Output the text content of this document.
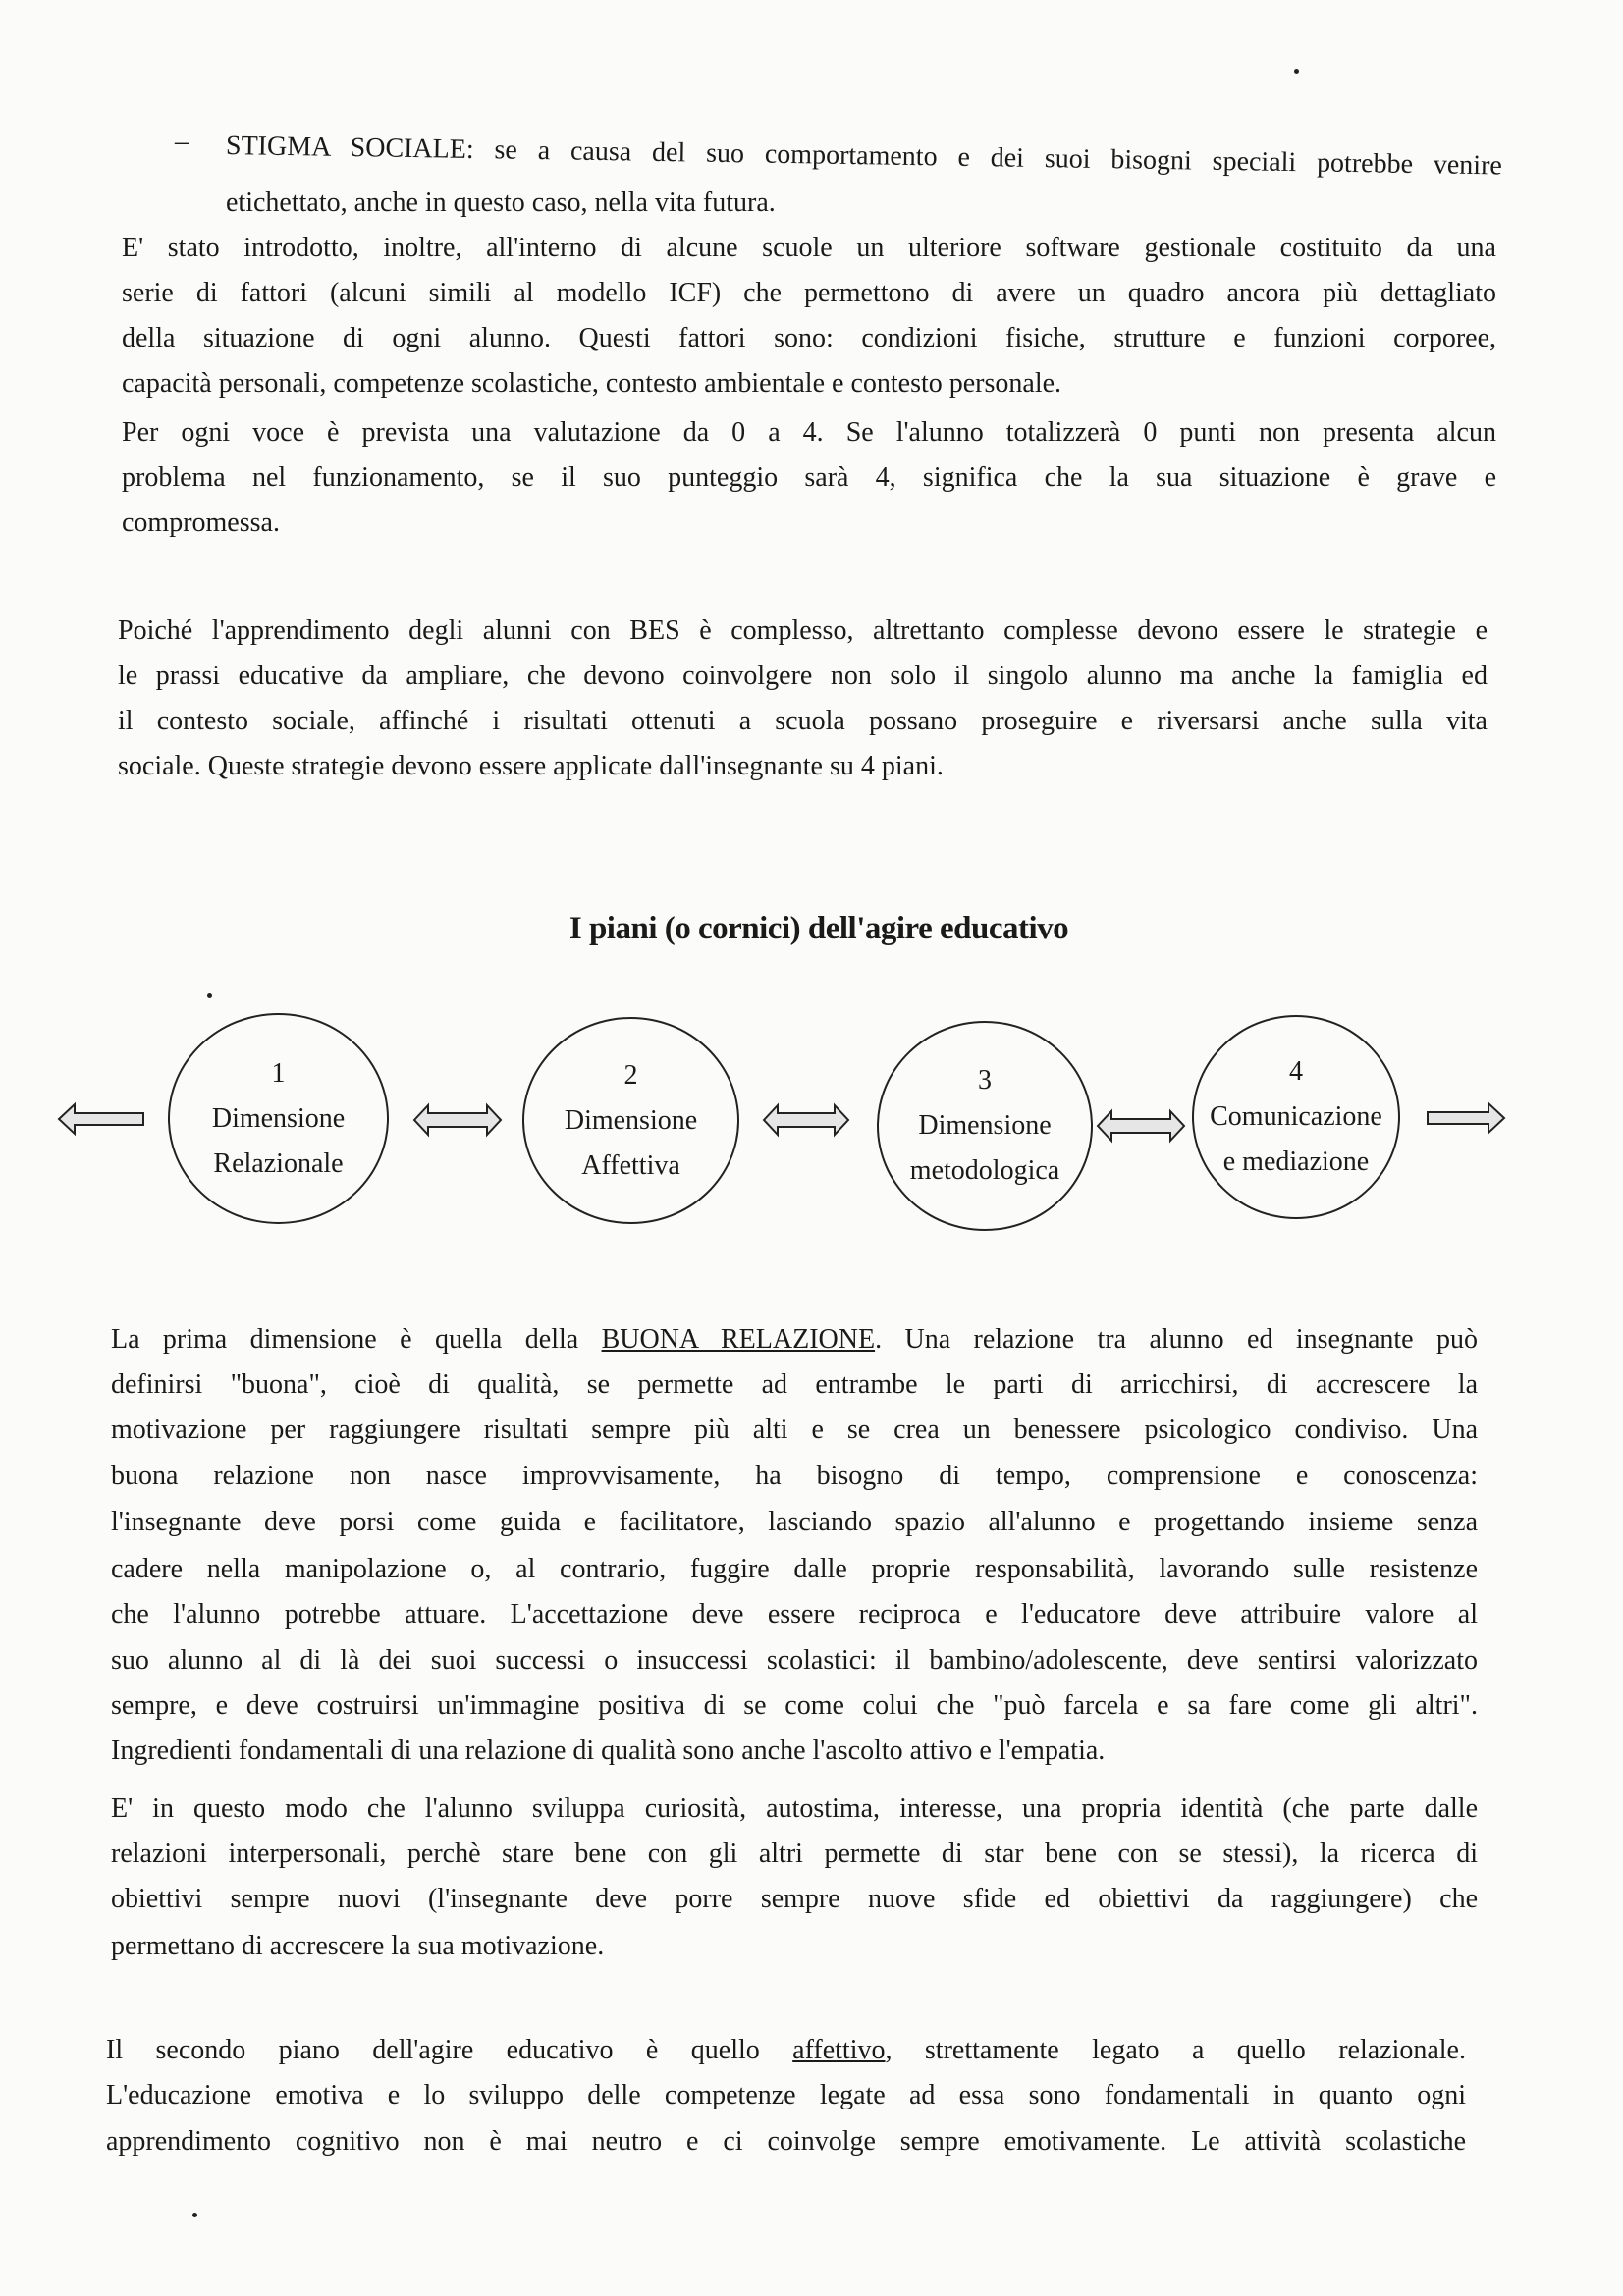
– STIGMA SOCIALE: se a causa del suo comportamento e dei suoi bisogni speciali potrebbe venire
etichettato, anche in questo caso, nella vita futura.
E' stato introdotto, inoltre, all'interno di alcune scuole un ulteriore software gestionale costituito da una
serie di fattori (alcuni simili al modello ICF) che permettono di avere un quadro ancora più dettagliato
della situazione di ogni alunno. Questi fattori sono: condizioni fisiche, strutture e funzioni corporee,
capacità personali, competenze scolastiche, contesto ambientale e contesto personale.
Per ogni voce è prevista una valutazione da 0 a 4. Se l'alunno totalizzerà 0 punti non presenta alcun
problema nel funzionamento, se il suo punteggio sarà 4, significa che la sua situazione è grave e
compromessa.
Poiché l'apprendimento degli alunni con BES è complesso, altrettanto complesse devono essere le strategie e
le prassi educative da ampliare, che devono coinvolgere non solo il singolo alunno ma anche la famiglia ed
il contesto sociale, affinché i risultati ottenuti a scuola possano proseguire e riversarsi anche sulla vita
sociale. Queste strategie devono essere applicate dall'insegnante su 4 piani.
I piani (o cornici) dell'agire educativo
1
Dimensione
Relazionale
2
Dimensione
Affettiva
3
Dimensione
metodologica
4
Comunicazione
e mediazione
La prima dimensione è quella della BUONA RELAZIONE. Una relazione tra alunno ed insegnante può
definirsi "buona", cioè di qualità, se permette ad entrambe le parti di arricchirsi, di accrescere la
motivazione per raggiungere risultati sempre più alti e se crea un benessere psicologico condiviso. Una
buona relazione non nasce improvvisamente, ha bisogno di tempo, comprensione e conoscenza:
l'insegnante deve porsi come guida e facilitatore, lasciando spazio all'alunno e progettando insieme senza
cadere nella manipolazione o, al contrario, fuggire dalle proprie responsabilità, lavorando sulle resistenze
che l'alunno potrebbe attuare. L'accettazione deve essere reciproca e l'educatore deve attribuire valore al
suo alunno al di là dei suoi successi o insuccessi scolastici: il bambino/adolescente, deve sentirsi valorizzato
sempre, e deve costruirsi un'immagine positiva di se come colui che "può farcela e sa fare come gli altri".
Ingredienti fondamentali di una relazione di qualità sono anche l'ascolto attivo e l'empatia.
E' in questo modo che l'alunno sviluppa curiosità, autostima, interesse, una propria identità (che parte dalle
relazioni interpersonali, perchè stare bene con gli altri permette di star bene con se stessi), la ricerca di
obiettivi sempre nuovi (l'insegnante deve porre sempre nuove sfide ed obiettivi da raggiungere) che
permettano di accrescere la sua motivazione.
Il secondo piano dell'agire educativo è quello affettivo, strettamente legato a quello relazionale.
L'educazione emotiva e lo sviluppo delle competenze legate ad essa sono fondamentali in quanto ogni
apprendimento cognitivo non è mai neutro e ci coinvolge sempre emotivamente. Le attività scolastiche
